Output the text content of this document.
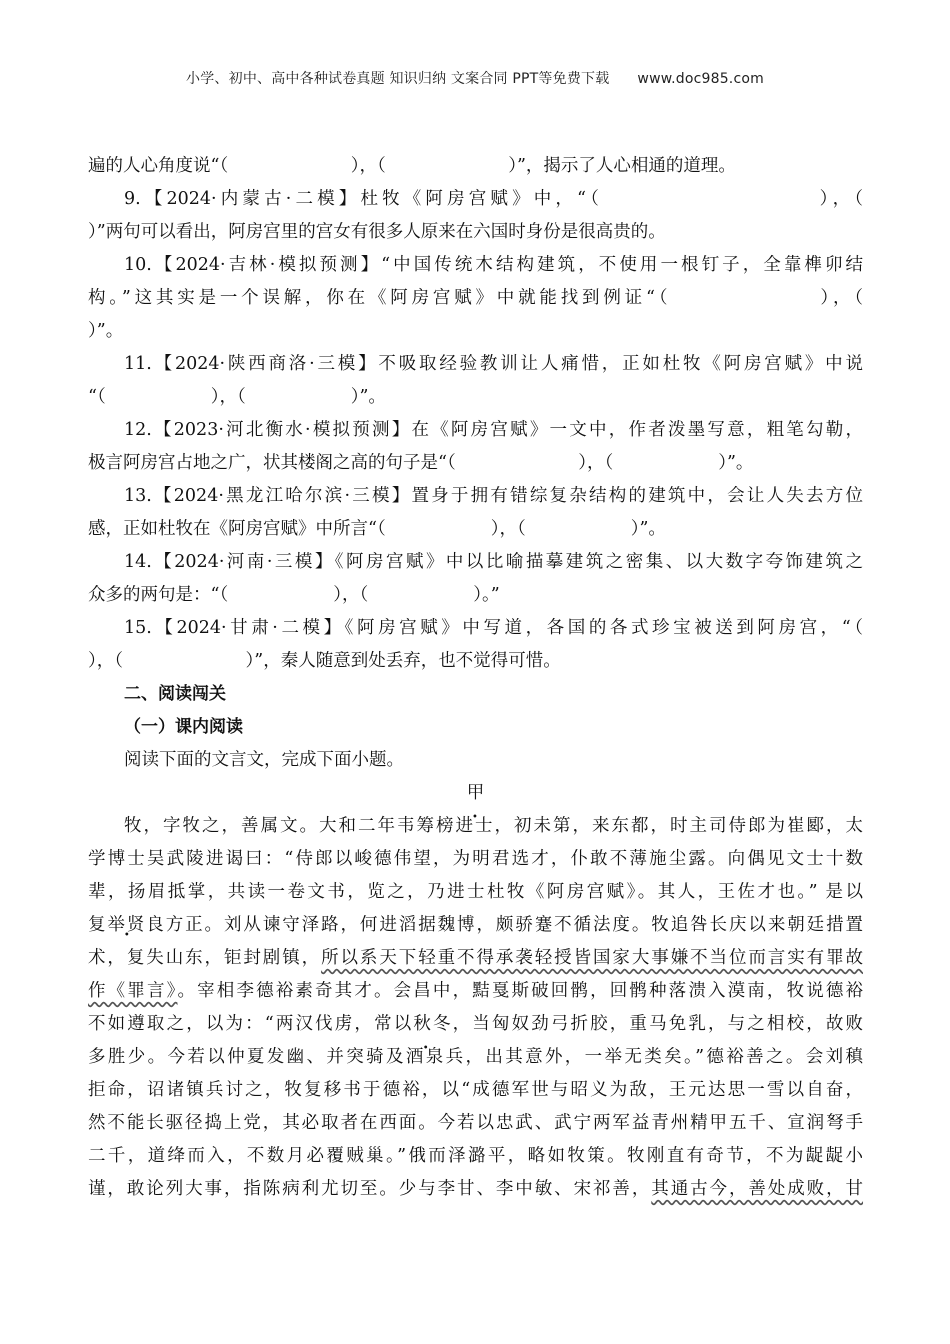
小学、初中、高中各种试卷真题 知识归纳 文案合同 PPT等免费下载 www.doc985.com
遍的人心角度说“（　　　　　　　），（　　　　　　　）”，揭示了人心相通的道理。
9.【2024·内蒙古·二模】杜牧《阿房宫赋》中，“（　　　　　　　　　　），（
）”两句可以看出，阿房宫里的宫女有很多人原来在六国时身份是很高贵的。
10.【2024·吉林·模拟预测】“中国传统木结构建筑，不使用一根钉子，全靠榫卯结
构。”这其实是一个误解，你在《阿房宫赋》中就能找到例证“（　　　　　　　），（
）”。
11.【2024·陕西商洛·三模】不吸取经验教训让人痛惜，正如杜牧《阿房宫赋》中说
“（　　　　　　），（　　　　　　）”。
12.【2023·河北衡水·模拟预测】在《阿房宫赋》一文中，作者泼墨写意，粗笔勾勒，
极言阿房宫占地之广，状其楼阁之高的句子是“（　　　　　　　），（　　　　　　）”。
13.【2024·黑龙江哈尔滨·三模】置身于拥有错综复杂结构的建筑中，会让人失去方位
感，正如杜牧在《阿房宫赋》中所言“（　　　　　　），（　　　　　　）”。
14.【2024·河南·三模】《阿房宫赋》中以比喻描摹建筑之密集、以大数字夸饰建筑之
众多的两句是：“（　　　　　　），（　　　　　　）。”
15.【2024·甘肃·二模】《阿房宫赋》中写道，各国的各式珍宝被送到阿房宫，“（
），（　　　　　　　）”，秦人随意到处丢弃，也不觉得可惜。
二、阅读闯关
（一）课内阅读
阅读下面的文言文，完成下面小题。
甲
牧，字牧之，善属文。大和二年韦筹榜进士，初未第，来东都，时主司侍郎为崔郾，太
学博士吴武陵进谒曰：“侍郎以峻德伟望，为明君选才，仆敢不薄施尘露。向偶见文士十数
辈，扬眉抵掌，共读一卷文书，览之，乃进士杜牧《阿房宫赋》。其人，王佐才也。” 是以
复举贤良方正。刘从谏守泽路，何进滔据魏博，颇骄蹇不循法度。牧追咎长庆以来朝廷措置
术，复失山东，钜封剧镇，所以系天下轻重不得承袭轻授皆国家大事嫌不当位而言实有罪故
作《罪言》。宰相李德裕素奇其才。会昌中，黠戛斯破回鹘，回鹘种落溃入漠南，牧说德裕
不如遵取之，以为：“两汉伐虏，常以秋冬，当匈奴劲弓折胶，重马免乳，与之相校，故败
多胜少。今若以仲夏发幽、并突骑及酒泉兵，出其意外，一举无类矣。”德裕善之。会刘稹
拒命，诏诸镇兵讨之，牧复移书于德裕，以“成德军世与昭义为敌，王元达思一雪以自奋，
然不能长驱径捣上党，其必取者在西面。今若以忠武、武宁两军益青州精甲五千、宣润弩手
二千，道绛而入，不数月必覆贼巢。”俄而泽潞平，略如牧策。牧刚直有奇节，不为龊龊小
谨，敢论列大事，指陈病利尤切至。少与李甘、李中敏、宋祁善，其通古今，善处成败，甘
